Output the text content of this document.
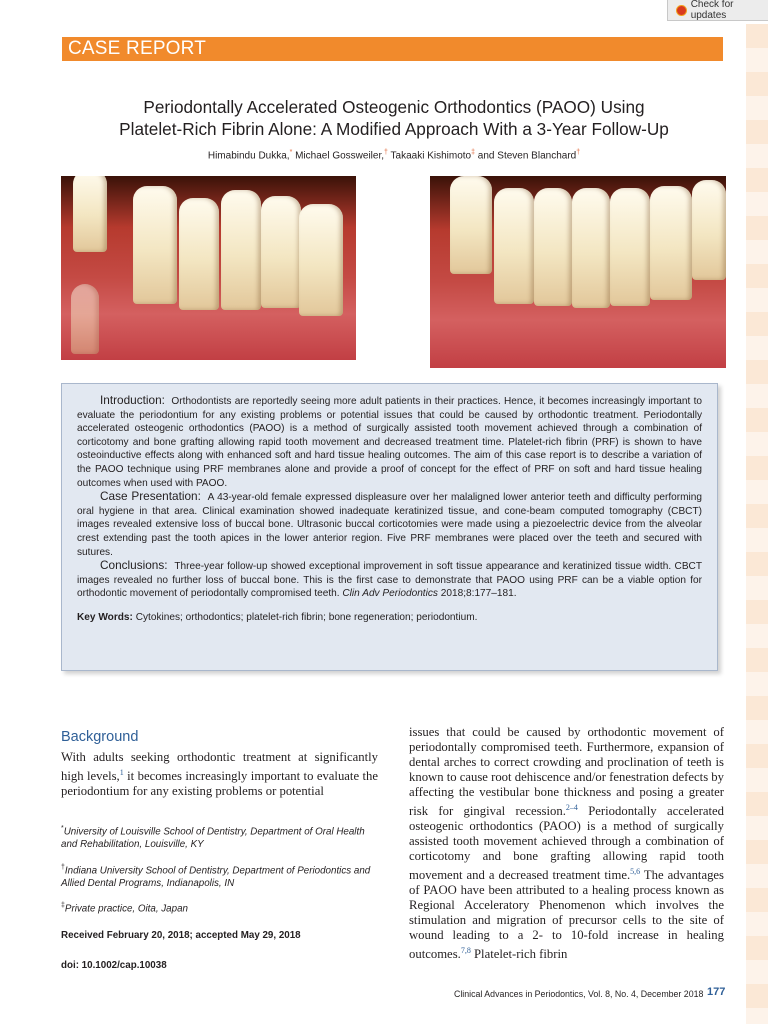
Check for updates
CASE REPORT
Periodontally Accelerated Osteogenic Orthodontics (PAOO) Using
Platelet-Rich Fibrin Alone: A Modified Approach With a 3-Year Follow-Up
Himabindu Dukka,* Michael Gossweiler,† Takaaki Kishimoto‡ and Steven Blanchard†

Introduction: Orthodontists are reportedly seeing more adult patients in their practices. Hence, it becomes increasingly important to evaluate the periodontium for any existing problems or potential issues that could be caused by orthodontic treatment. Periodontally accelerated osteogenic orthodontics (PAOO) is a method of surgically assisted tooth movement achieved through a combination of corticotomy and bone grafting allowing rapid tooth movement and decreased treatment time. Platelet-rich fibrin (PRF) is shown to have osteoinductive effects along with enhanced soft and hard tissue healing outcomes. The aim of this case report is to describe a variation of the PAOO technique using PRF membranes alone and provide a proof of concept for the effect of PRF on soft and hard tissue healing outcomes when used with PAOO.

Case Presentation: A 43-year-old female expressed displeasure over her malaligned lower anterior teeth and difficulty performing oral hygiene in that area. Clinical examination showed inadequate keratinized tissue, and cone-beam computed tomography (CBCT) images revealed extensive loss of buccal bone. Ultrasonic buccal corticotomies were made using a piezoelectric device from the alveolar crest extending past the tooth apices in the lower anterior region. Five PRF membranes were placed over the teeth and secured with sutures.

Conclusions: Three-year follow-up showed exceptional improvement in soft tissue appearance and keratinized tissue width. CBCT images revealed no further loss of buccal bone. This is the first case to demonstrate that PAOO using PRF can be a viable option for orthodontic movement of periodontally compromised teeth. Clin Adv Periodontics 2018;8:177–181.

Key Words: Cytokines; orthodontics; platelet-rich fibrin; bone regeneration; periodontium.

Background
With adults seeking orthodontic treatment at significantly high levels,$^1$ it becomes increasingly important to evaluate the periodontium for any existing problems or potential
issues that could be caused by orthodontic movement of periodontally compromised teeth. Furthermore, expansion of dental arches to correct crowding and proclination of teeth is known to cause root dehiscence and/or fenestration defects by affecting the vestibular bone thickness and posing a greater risk for gingival recession.$^{2-4}$ Periodontally accelerated osteogenic orthodontics (PAOO) is a method of surgically assisted tooth movement achieved through a combination of corticotomy and bone grafting allowing rapid tooth movement and a decreased treatment time.$^{5,6}$ The advantages of PAOO have been attributed to a healing process known as Regional Acceleratory Phenomenon which involves the stimulation and migration of precursor cells to the site of wound leading to a 2- to 10-fold increase in healing outcomes.$^{7,8}$ Platelet-rich fibrin
*University of Louisville School of Dentistry, Department of Oral Health and Rehabilitation, Louisville, KY
†Indiana University School of Dentistry, Department of Periodontics and Allied Dental Programs, Indianapolis, IN
‡Private practice, Oita, Japan
Received February 20, 2018; accepted May 29, 2018
doi: 10.1002/cap.10038
Clinical Advances in Periodontics, Vol. 8, No. 4, December 2018 177
